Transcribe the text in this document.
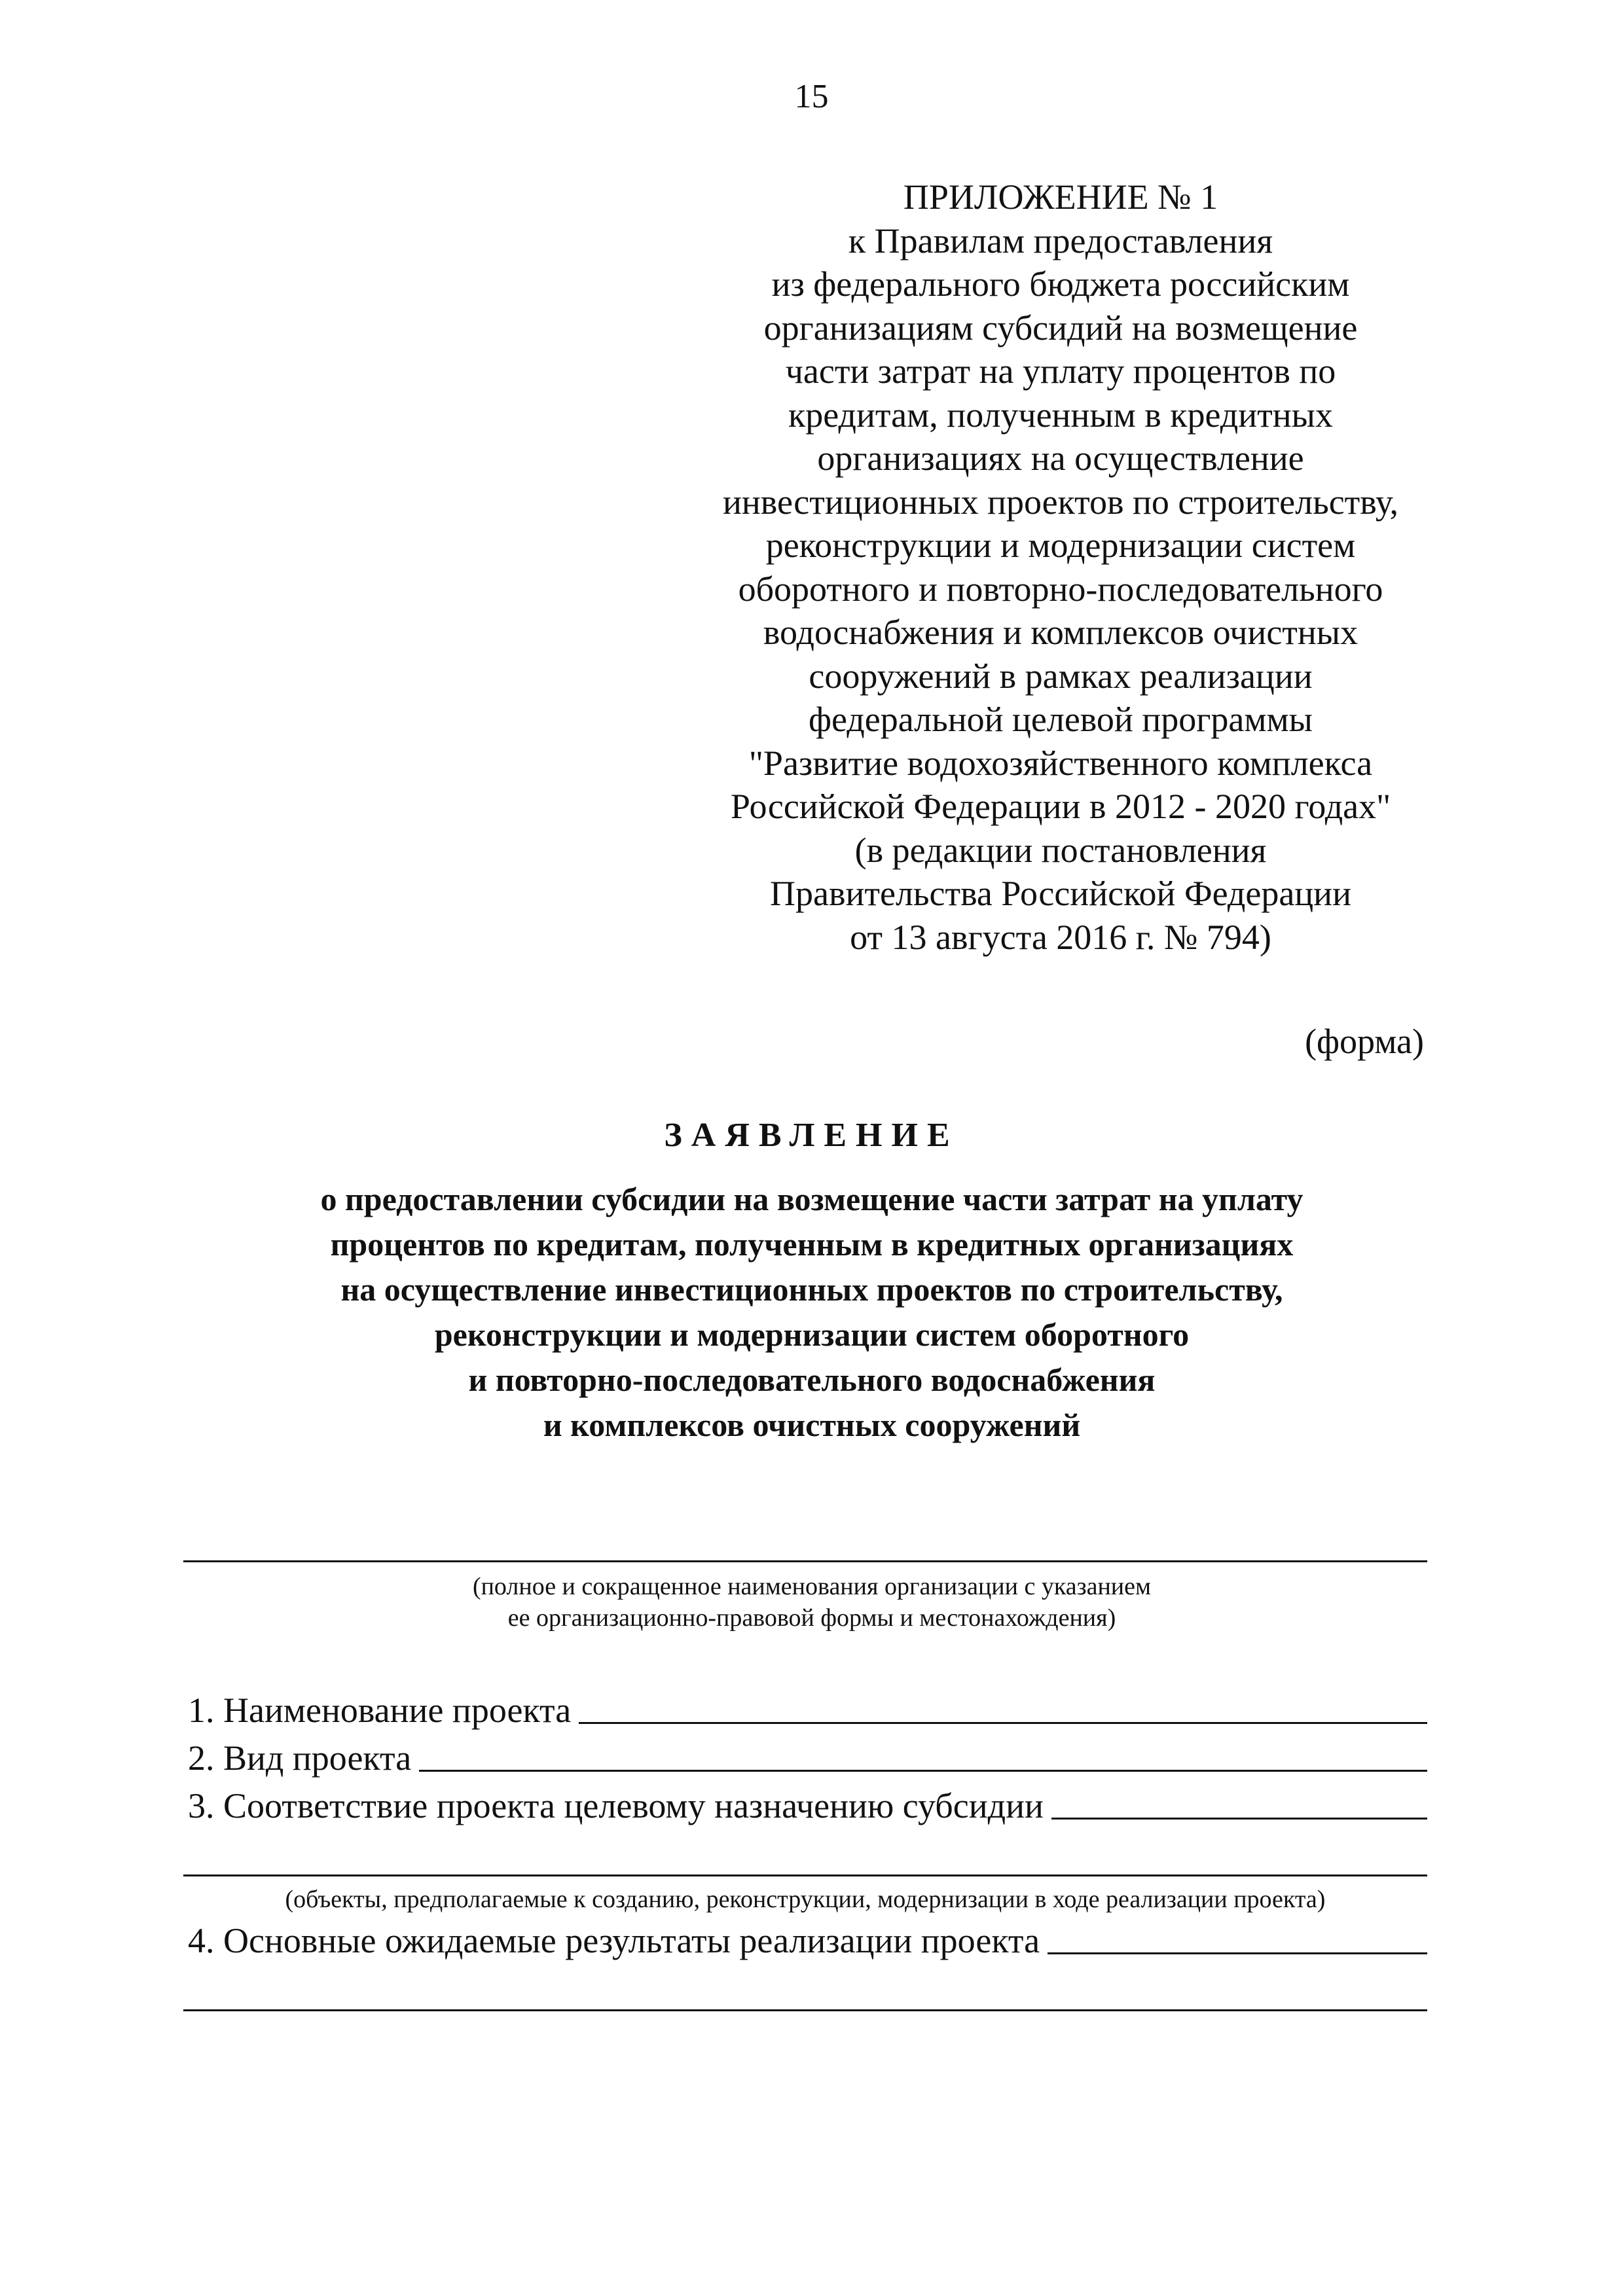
15
ПРИЛОЖЕНИЕ № 1
к Правилам предоставления
из федерального бюджета российским
организациям субсидий на возмещение
части затрат на уплату процентов по
кредитам, полученным в кредитных
организациях на осуществление
инвестиционных проектов по строительству,
реконструкции и модернизации систем
оборотного и повторно-последовательного
водоснабжения и комплексов очистных
сооружений в рамках реализации
федеральной целевой программы
"Развитие водохозяйственного комплекса
Российской Федерации в 2012 - 2020 годах"
(в редакции постановления
Правительства Российской Федерации
от 13 августа 2016 г. № 794)
(форма)
ЗАЯВЛЕНИЕ
о предоставлении субсидии на возмещение части затрат на уплату
процентов по кредитам, полученным в кредитных организациях
на осуществление инвестиционных проектов по строительству,
реконструкции и модернизации систем оборотного
и повторно-последовательного водоснабжения
и комплексов очистных сооружений
(полное и сокращенное наименования организации с указанием
ее организационно-правовой формы и местонахождения)
1. Наименование проекта
2. Вид проекта
3. Соответствие проекта целевому назначению субсидии
(объекты, предполагаемые к созданию, реконструкции, модернизации в ходе реализации проекта)
4. Основные ожидаемые результаты реализации проекта
